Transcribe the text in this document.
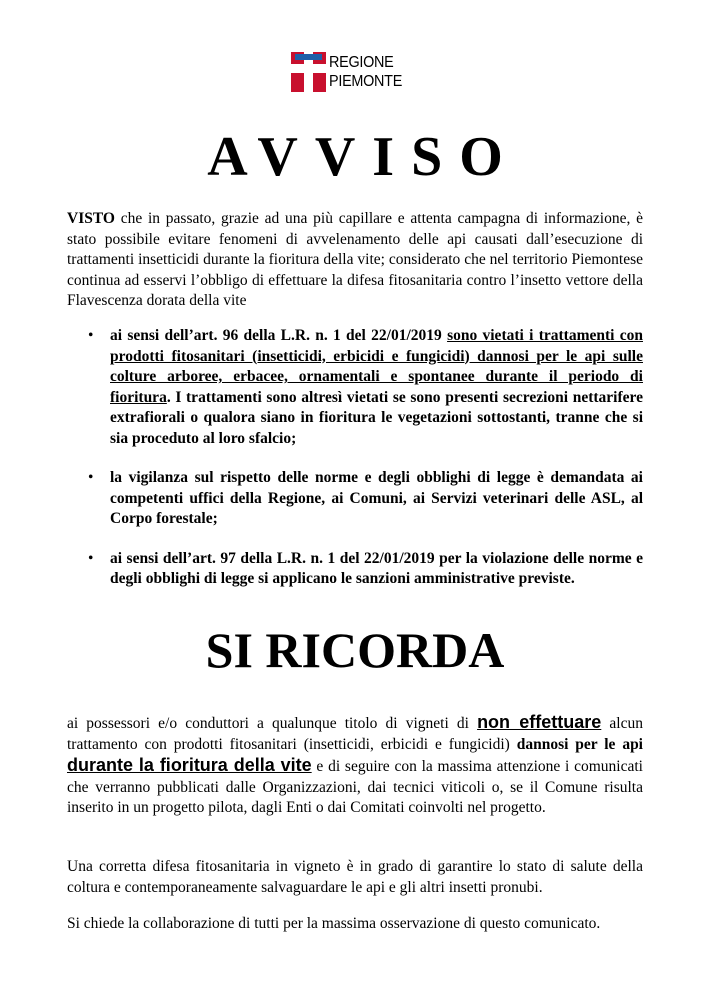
REGIONE
PIEMONTE
AVVISO
VISTO che in passato, grazie ad una più capillare e attenta campagna di informazione, è stato possibile evitare fenomeni di avvelenamento delle api causati dall’esecuzione di trattamenti insetticidi durante la fioritura della vite; considerato che nel territorio Piemontese continua ad esservi l’obbligo di effettuare la difesa fitosanitaria contro l’insetto vettore della Flavescenza dorata della vite
• ai sensi dell’art. 96 della L.R. n. 1 del 22/01/2019 sono vietati i trattamenti con prodotti fitosanitari (insetticidi, erbicidi e fungicidi) dannosi per le api sulle colture arboree, erbacee, ornamentali e spontanee durante il periodo di fioritura. I trattamenti sono altresì vietati se sono presenti secrezioni nettarifere extrafiorali o qualora siano in fioritura le vegetazioni sottostanti, tranne che si sia proceduto al loro sfalcio;
• la vigilanza sul rispetto delle norme e degli obblighi di legge è demandata ai competenti uffici della Regione, ai Comuni, ai Servizi veterinari delle ASL, al Corpo forestale;
• ai sensi dell’art. 97 della L.R. n. 1 del 22/01/2019 per la violazione delle norme e degli obblighi di legge si applicano le sanzioni amministrative previste.
SI RICORDA
ai possessori e/o conduttori a qualunque titolo di vigneti di non effettuare alcun trattamento con prodotti fitosanitari (insetticidi, erbicidi e fungicidi) dannosi per le api durante la fioritura della vite e di seguire con la massima attenzione i comunicati che verranno pubblicati dalle Organizzazioni, dai tecnici viticoli o, se il Comune risulta inserito in un progetto pilota, dagli Enti o dai Comitati coinvolti nel progetto.
Una corretta difesa fitosanitaria in vigneto è in grado di garantire lo stato di salute della coltura e contemporaneamente salvaguardare le api e gli altri insetti pronubi.
Si chiede la collaborazione di tutti per la massima osservazione di questo comunicato.
